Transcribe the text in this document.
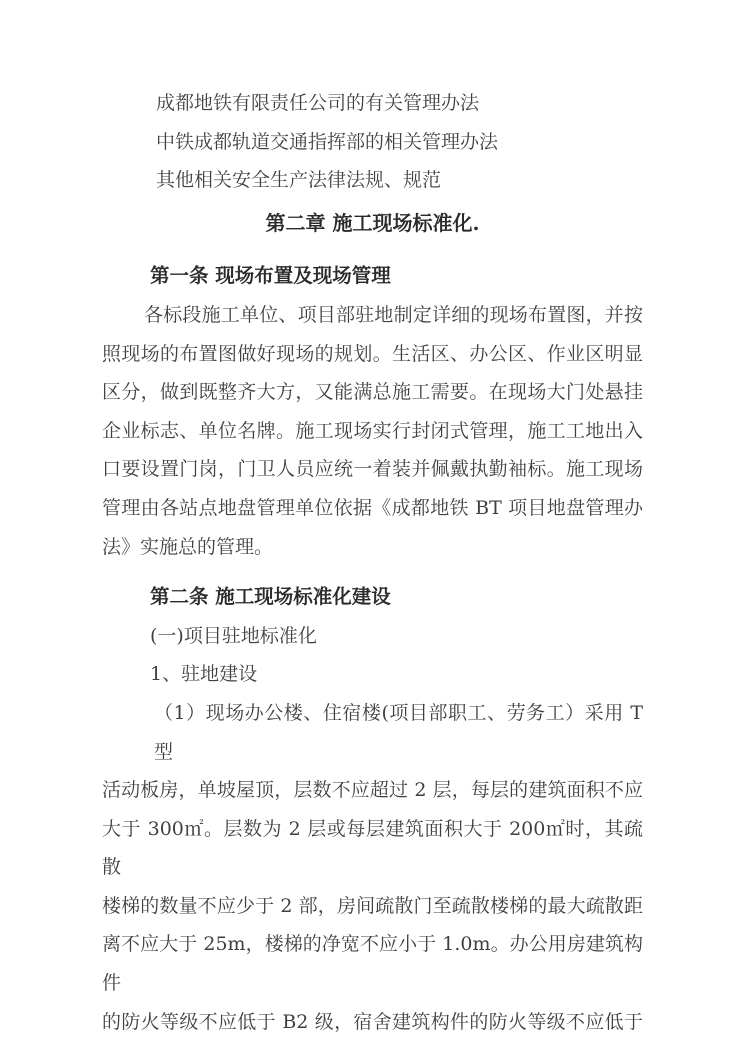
成都地铁有限责任公司的有关管理办法
中铁成都轨道交通指挥部的相关管理办法
其他相关安全生产法律法规、规范
第二章 施工现场标准化.
第一条 现场布置及现场管理
各标段施工单位、项目部驻地制定详细的现场布置图，并按
照现场的布置图做好现场的规划。生活区、办公区、作业区明显
区分，做到既整齐大方，又能满总施工需要。在现场大门处悬挂
企业标志、单位名牌。施工现场实行封闭式管理，施工工地出入
口要设置门岗，门卫人员应统一着装并佩戴执勤袖标。施工现场
管理由各站点地盘管理单位依据《成都地铁 BT 项目地盘管理办
法》实施总的管理。
第二条 施工现场标准化建设
(一)项目驻地标准化
1、驻地建设
（1）现场办公楼、住宿楼(项目部职工、劳务工）采用 T 型
活动板房，单坡屋顶，层数不应超过 2 层，每层的建筑面积不应
大于 300㎡。层数为 2 层或每层建筑面积大于 200㎡时，其疏散
楼梯的数量不应少于 2 部，房间疏散门至疏散楼梯的最大疏散距
离不应大于 25m，楼梯的净宽不应小于 1.0m。办公用房建筑构件
的防火等级不应低于 B2 级，宿舍建筑构件的防火等级不应低于
